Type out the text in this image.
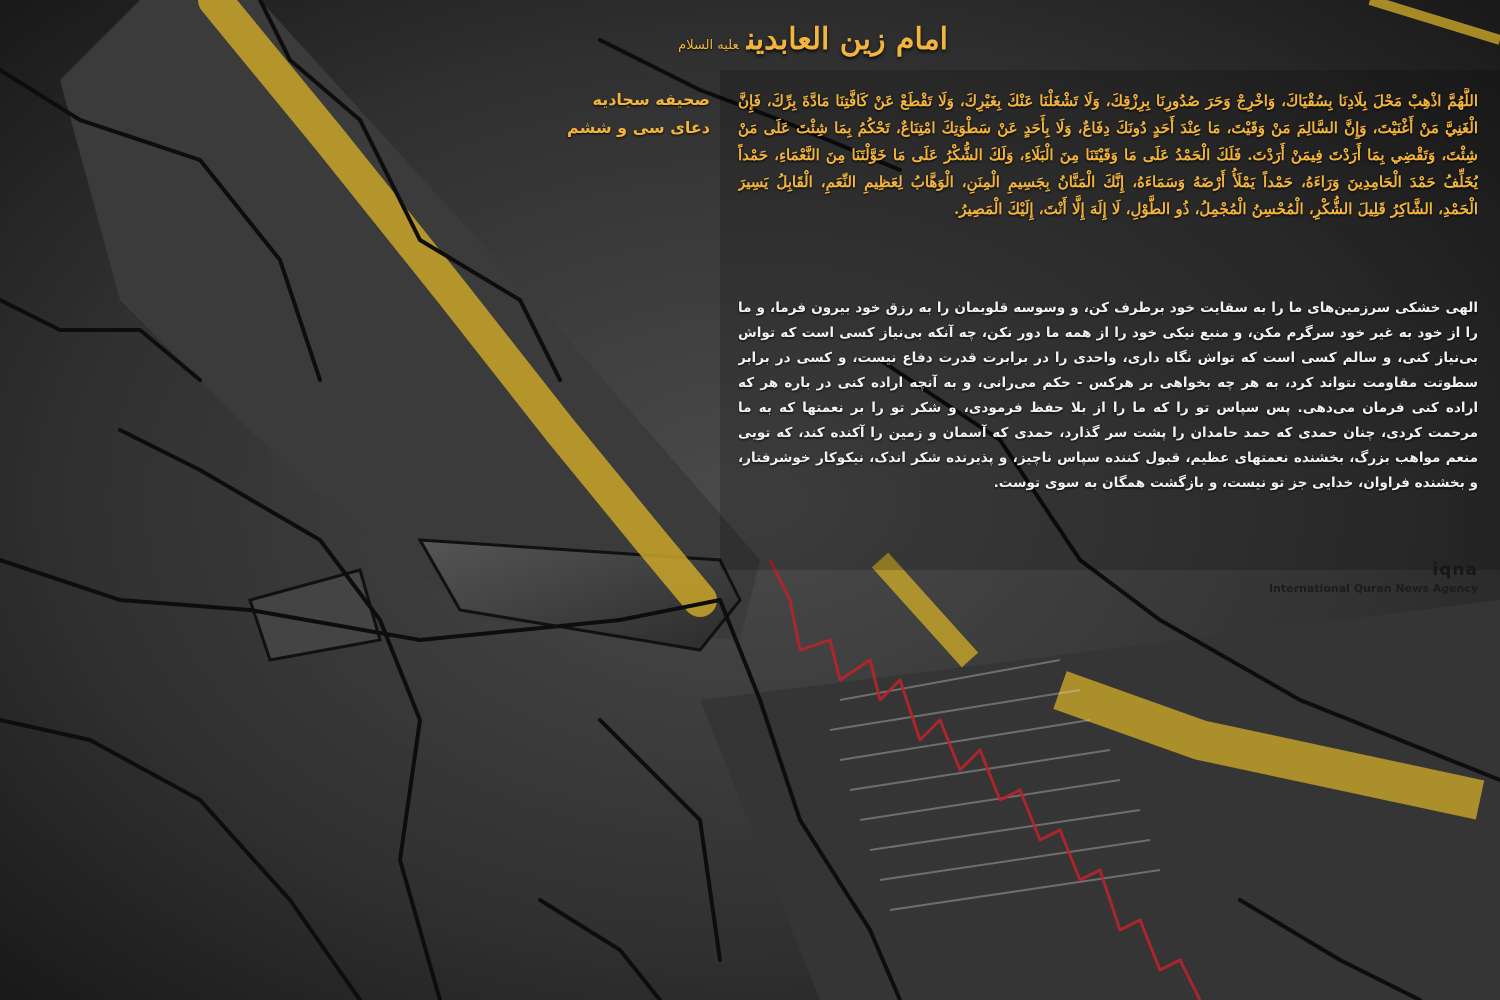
امام زین العابدینعلیه السلام
صحیفه سجادیه
دعای سی و ششم
اللَّهُمَّ اذْهِبْ مَحْلَ بِلَادِنَا بِسُقْيَاكَ، وَاخْرِجْ وَحَرَ صُدُورِنَا بِرِزْقِكَ، وَلَا تَشْغَلْنَا عَنْكَ بِغَيْرِكَ، وَلَا تَقْطَعْ عَنْ كَافَّتِنَا مَادَّةَ بِرِّكَ، فَإِنَّ الْغَنِيَّ مَنْ أَغْنَيْتَ، وَإِنَّ السَّالِمَ مَنْ وَقَيْتَ، مَا عِنْدَ أَحَدٍ دُونَكَ دِفَاعٌ، وَلَا بِأَحَدٍ عَنْ سَطْوَتِكَ امْتِنَاعٌ، تَحْكُمُ بِمَا شِئْتَ عَلَى مَنْ شِئْتَ، وَتَقْضِي بِمَا أَرَدْتَ فِيمَنْ أَرَدْتَ. فَلَكَ الْحَمْدُ عَلَى مَا وَقَيْتَنَا مِنَ الْبَلَاءِ، وَلَكَ الشُّكْرُ عَلَى مَا خَوَّلْتَنَا مِنَ النَّعْمَاءِ، حَمْداً يُخَلِّفُ حَمْدَ الْحَامِدِينَ وَرَاءَهُ، حَمْداً يَمْلَأُ أَرْضَهُ وَسَمَاءَهُ، إِنَّكَ الْمَنَّانُ بِجَسِيمِ الْمِنَنِ، الْوَهَّابُ لِعَظِيمِ النِّعَمِ، الْقَابِلُ يَسِيرَ الْحَمْدِ، الشَّاكِرُ قَلِيلَ الشُّكْرِ، الْمُحْسِنُ الْمُجْمِلُ، ذُو الطَّوْلِ، لَا إِلَهَ إِلَّا أَنْتَ، إِلَيْكَ الْمَصِيرُ.
الهی خشکی سرزمین‌های ما را به سقایت خود برطرف کن، و وسوسه قلوبمان را به رزق خود بیرون فرما، و ما را از خود به غیر خود سرگرم مکن، و منبع نیکی خود را از همه ما دور نکن، چه آنکه بی‌نیاز کسی است که تواش بی‌نیاز کنی، و سالم کسی است که تواش نگاه داری، واحدی را در برابرت قدرت دفاع نیست، و کسی در برابر سطوتت مقاومت نتواند کرد، به هر چه بخواهی بر هرکس - حکم می‌رانی، و به آنچه اراده کنی در باره هر که اراده کنی فرمان می‌دهی. پس سپاس تو را که ما را از بلا حفظ فرمودی، و شکر تو را بر نعمتها که به ما مرحمت کردی، چنان حمدی که حمد حامدان را پشت سر گذارد، حمدی که آسمان و زمین را آکنده کند، که تویی منعم مواهب بزرگ، بخشنده نعمتهای عظیم، قبول کننده سپاس ناچیز، و پذیرنده شکر اندک، نیکوکار خوشرفتار، و بخشنده فراوان، خدایی جز تو نیست، و بازگشت همگان به سوی توست.
iqna
International Quran News Agency
